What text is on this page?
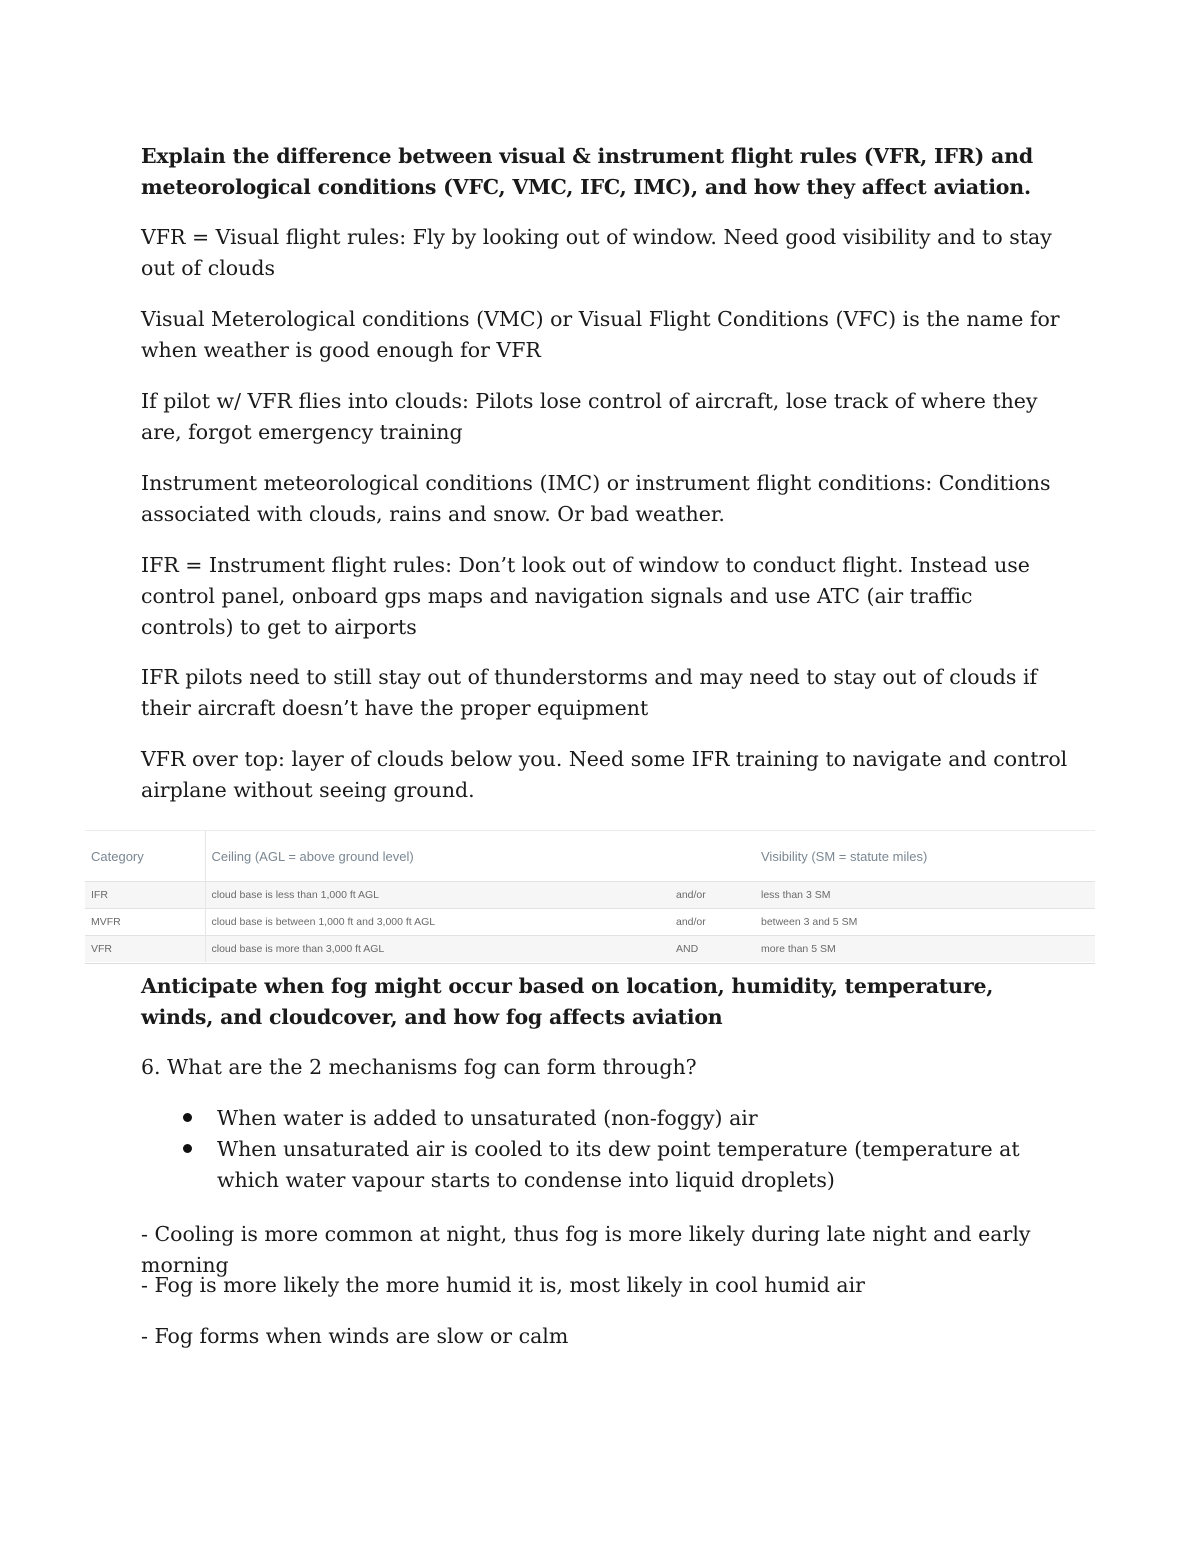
Explain the difference between visual & instrument flight rules (VFR, IFR) and meteorological conditions (VFC, VMC, IFC, IMC), and how they affect aviation.

VFR = Visual flight rules: Fly by looking out of window. Need good visibility and to stay out of clouds

Visual Meterological conditions (VMC) or Visual Flight Conditions (VFC) is the name for when weather is good enough for VFR

If pilot w/ VFR flies into clouds: Pilots lose control of aircraft, lose track of where they are, forgot emergency training

Instrument meteorological conditions (IMC) or instrument flight conditions: Conditions associated with clouds, rains and snow. Or bad weather.

IFR = Instrument flight rules: Don’t look out of window to conduct flight. Instead use control panel, onboard gps maps and navigation signals and use ATC (air traffic controls) to get to airports

IFR pilots need to still stay out of thunderstorms and may need to stay out of clouds if their aircraft doesn’t have the proper equipment

VFR over top: layer of clouds below you. Need some IFR training to navigate and control airplane without seeing ground.

Category	Ceiling (AGL = above ground level)		Visibility (SM = statute miles)
IFR	cloud base is less than 1,000 ft AGL	and/or	less than 3 SM
MVFR	cloud base is between 1,000 ft and 3,000 ft AGL	and/or	between 3 and 5 SM
VFR	cloud base is more than 3,000 ft AGL	AND	more than 5 SM

Anticipate when fog might occur based on location, humidity, temperature, winds, and cloudcover, and how fog affects aviation

6. What are the 2 mechanisms fog can form through?

When water is added to unsaturated (non-foggy) air

When unsaturated air is cooled to its dew point temperature (temperature at which water vapour starts to condense into liquid droplets)

- Cooling is more common at night, thus fog is more likely during late night and early morning

- Fog is more likely the more humid it is, most likely in cool humid air

- Fog forms when winds are slow or calm
